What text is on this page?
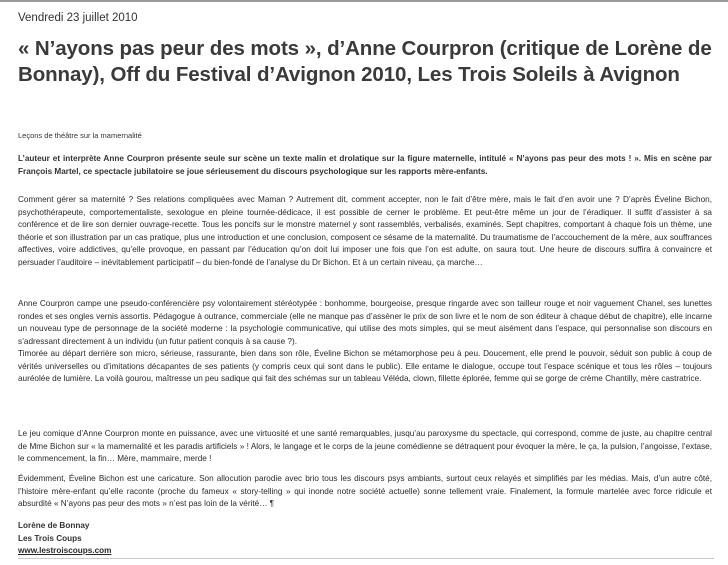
Vendredi 23 juillet 2010
« N’ayons pas peur des mots », d’Anne Courpron (critique de Lorène de Bonnay), Off du Festival d’Avignon 2010, Les Trois Soleils à Avignon
Leçons de théâtre sur la mamernalité
L’auteur et interprète Anne Courpron présente seule sur scène un texte malin et drolatique sur la figure maternelle, intitulé « N’ayons pas peur des mots ! ». Mis en scène par François Martel, ce spectacle jubilatoire se joue sérieusement du discours psychologique sur les rapports mère-enfants.
Comment gérer sa maternité ? Ses relations compliquées avec Maman ? Autrement dit, comment accepter, non le fait d’être mère, mais le fait d’en avoir une ? D’après Éveline Bichon, psychothérapeute, comportementaliste, sexologue en pleine tournée-dédicace, il est possible de cerner le problème. Et peut-être même un jour de l’éradiquer. Il suffit d’assister à sa conférence et de lire son dernier ouvrage-recette. Tous les poncifs sur le monstre maternel y sont rassemblés, verbalisés, examinés. Sept chapitres, comportant à chaque fois un thème, une théorie et son illustration par un cas pratique, plus une introduction et une conclusion, composent ce sésame de la maternalité. Du traumatisme de l’accouchement de la mère, aux souffrances affectives, voire addictives, qu’elle provoque, en passant par l’éducation qu’on doit lui imposer une fois que l’on est adulte, on saura tout. Une heure de discours suffira à convaincre et persuader l’auditoire – inévitablement participatif – du bien-fondé de l’analyse du Dr Bichon. Et à un certain niveau, ça marche…
Anne Courpron campe une pseudo-conférencière psy volontairement stéréotypée : bonhomme, bourgeoise, presque ringarde avec son tailleur rouge et noir vaguement Chanel, ses lunettes rondes et ses ongles vernis assortis. Pédagogue à outrance, commerciale (elle ne manque pas d’assèner le prix de son livre et le nom de son éditeur à chaque début de chapitre), elle incarne un nouveau type de personnage de la société moderne : la psychologie communicative, qui utilise des mots simples, qui se meut aisément dans l’espace, qui personnalise son discours en s’adressant directement à un individu (un futur patient conquis à sa cause ?).
Timorée au départ derrière son micro, sérieuse, rassurante, bien dans son rôle, Éveline Bichon se métamorphose peu à peu. Doucement, elle prend le pouvoir, séduit son public à coup de vérités universelles ou d’imitations décapantes de ses patients (y compris ceux qui sont dans le public). Elle entame le dialogue, occupe tout l’espace scénique et tous les rôles – toujours auréolée de lumière. La voilà gourou, maîtresse un peu sadique qui fait des schémas sur un tableau Véléda, clown, fillette éplorée, femme qui se gorge de crème Chantilly, mère castratrice.
Le jeu comique d’Anne Courpron monte en puissance, avec une virtuosité et une santé remarquables, jusqu’au paroxysme du spectacle, qui correspond, comme de juste, au chapitre central de Mme Bichon sur « la mamernalité et les paradis artificiels » ! Alors, le langage et le corps de la jeune comédienne se détraquent pour évoquer la mère, le ça, la pulsion, l’angoisse, l’extase, le commencement, la fin… Mère, mammaire, merde !
Évidemment, Éveline Bichon est une caricature. Son allocution parodie avec brio tous les discours psys ambiants, surtout ceux relayés et simplifiés par les médias. Mais, d’un autre côté, l’histoire mère-enfant qu’elle raconte (proche du fameux « story-telling » qui inonde notre société actuelle) sonne tellement vraie. Finalement, la formule martelée avec force ridicule et absurdité « N’ayons pas peur des mots » n’est pas loin de la vérité… ¶
Lorène de Bonnay
Les Trois Coups
www.lestroiscoups.com
